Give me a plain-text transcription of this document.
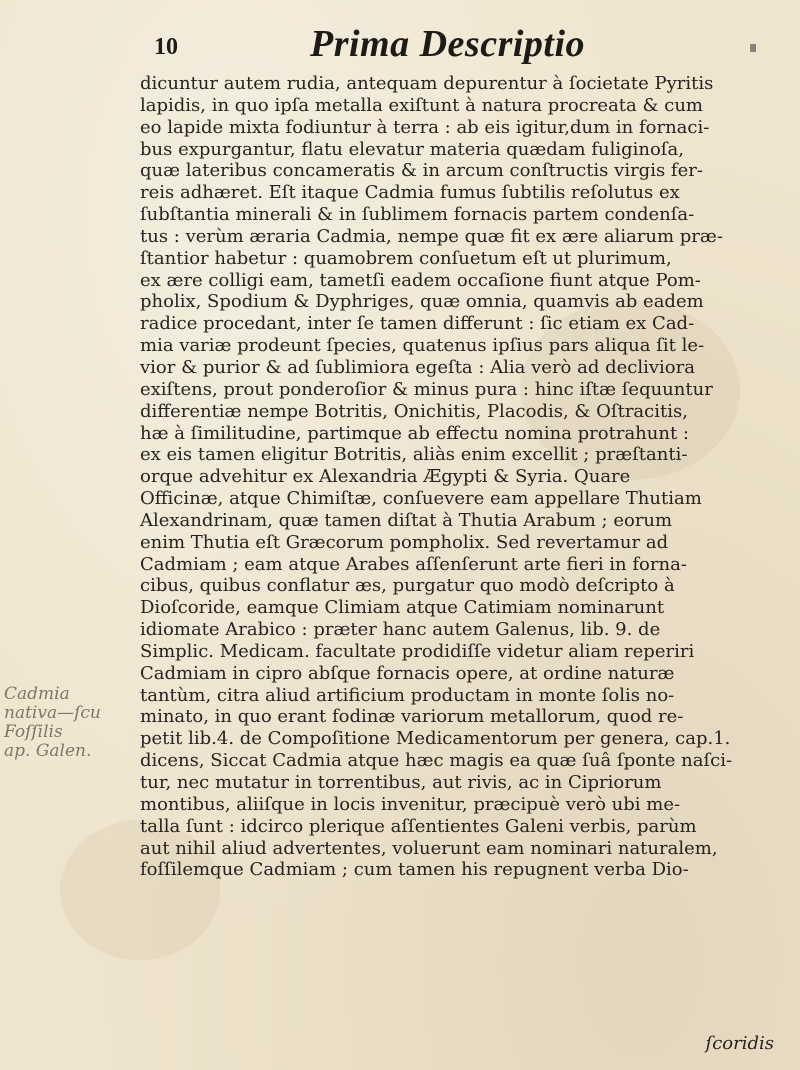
10	Prima Descriptio
Cadmia
nativa—ſcu
Foſſilis
ap. Galen.
dicuntur autem rudia, antequam depurentur à ſocietate Pyritis
lapidis, in quo ipſa metalla exiſtunt à natura procreata & cum
eo lapide mixta fodiuntur à terra : ab eis igitur,dum in fornaci-
bus expurgantur, flatu elevatur materia quædam fuliginoſa,
quæ lateribus concameratis & in arcum conſtructis virgis fer-
reis adhæret. Eſt itaque Cadmia fumus ſubtilis reſolutus ex
ſubſtantia minerali & in ſublimem fornacis partem condenſa-
tus : verùm æraria Cadmia, nempe quæ fit ex ære aliarum præ-
ſtantior habetur : quamobrem conſuetum eſt ut plurimum,
ex ære colligi eam, tametſi eadem occaſione fiunt atque Pom-
pholix, Spodium & Dyphriges, quæ omnia, quamvis ab eadem
radice procedant, inter ſe tamen differunt : ſic etiam ex Cad-
mia variæ prodeunt ſpecies, quatenus ipſius pars aliqua ſit le-
vior & purior & ad ſublimiora egeſta : Alia verò ad decliviora
exiſtens, prout ponderoſior & minus pura : hinc iſtæ ſequuntur
differentiæ nempe Botritis, Onichitis, Placodis, & Oſtracitis,
hæ à ſimilitudine, partimque ab effectu nomina protrahunt :
ex eis tamen eligitur Botritis, aliàs enim excellit ; præſtanti-
orque advehitur ex Alexandria Ægypti & Syria. Quare
Officinæ, atque Chimiſtæ, conſuevere eam appellare Thutiam
Alexandrinam, quæ tamen diſtat à Thutia Arabum ; eorum
enim Thutia eſt Græcorum pompholix. Sed revertamur ad
Cadmiam ; eam atque Arabes aſſenſerunt arte fieri in forna-
cibus, quibus conflatur æs, purgatur quo modò deſcripto à
Dioſcoride, eamque Climiam atque Catimiam nominarunt
idiomate Arabico : præter hanc autem Galenus, lib. 9. de
Simplic. Medicam. facultate prodidiſſe videtur aliam reperiri
Cadmiam in cipro abſque fornacis opere, at ordine naturæ
tantùm, citra aliud artificium productam in monte ſolis no-
minato, in quo erant fodinæ variorum metallorum, quod re-
petit lib.4. de Compoſitione Medicamentorum per genera, cap.1.
dicens, Siccat Cadmia atque hæc magis ea quæ ſuâ ſponte naſci-
tur, nec mutatur in torrentibus, aut rivis, ac in Cipriorum
montibus, aliiſque in locis invenitur, præcipuè verò ubi me-
talla ſunt : idcirco plerique aſſentientes Galeni verbis, parùm
aut nihil aliud advertentes, voluerunt eam nominari naturalem,
foſſilemque Cadmiam ; cum tamen his repugnent verba Dio-
ſcoridis
